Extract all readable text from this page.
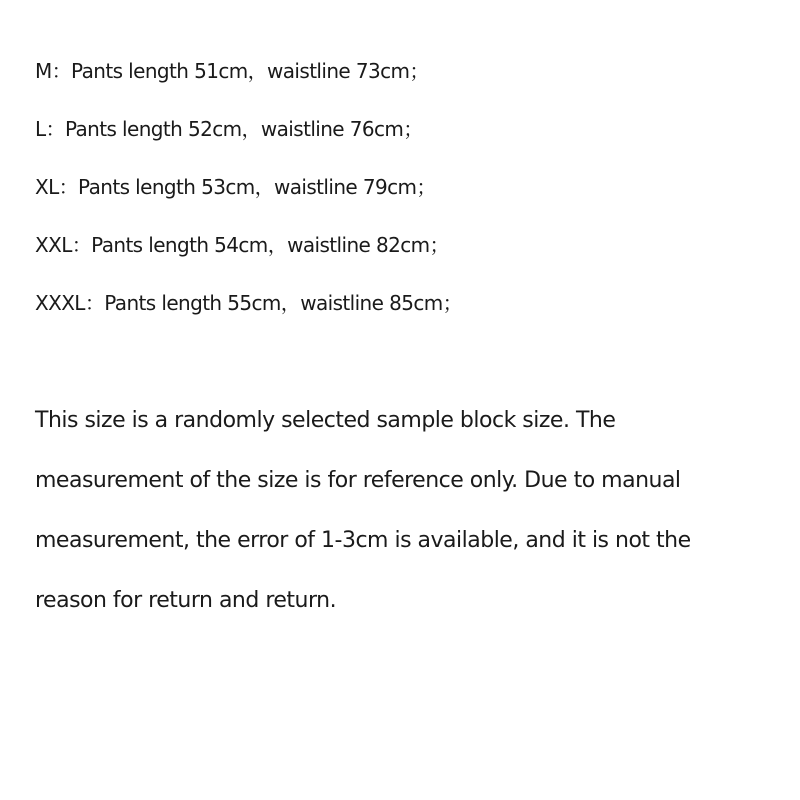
M：Pants length 51cm，waistline 73cm；
L：Pants length 52cm，waistline 76cm；
XL：Pants length 53cm，waistline 79cm；
XXL：Pants length 54cm，waistline 82cm；
XXXL：Pants length 55cm，waistline 85cm；
This size is a randomly selected sample block size. The
measurement of the size is for reference only. Due to manual
measurement, the error of 1-3cm is available, and it is not the
reason for return and return.
